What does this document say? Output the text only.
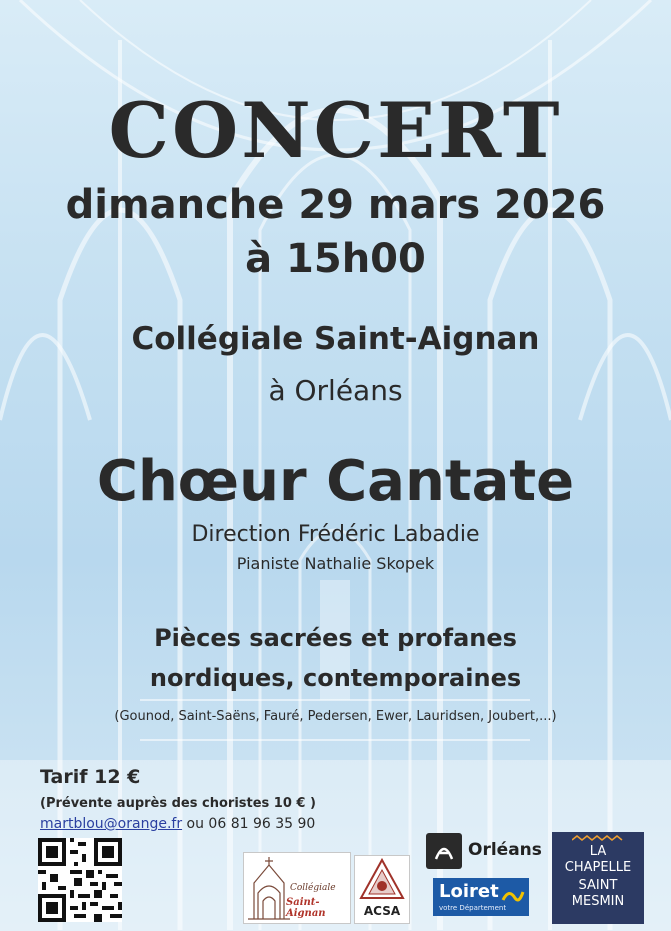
CONCERT
dimanche 29 mars 2026
à 15h00
Collégiale Saint-Aignan
à Orléans
Chœur Cantate
Direction Frédéric Labadie
Pianiste Nathalie Skopek
Pièces sacrées et profanes
nordiques, contemporaines
(Gounod, Saint-Saëns, Fauré, Pedersen, Ewer, Lauridsen, Joubert,...)
Tarif 12 €
(Prévente auprès des choristes 10 € )
martblou@orange.fr ou 06 81 96 35 90
Collégiale
Saint-Aignan	ACSA
Orléans
Loiret
votre Département
LA
CHAPELLE
SAINT
MESMIN
